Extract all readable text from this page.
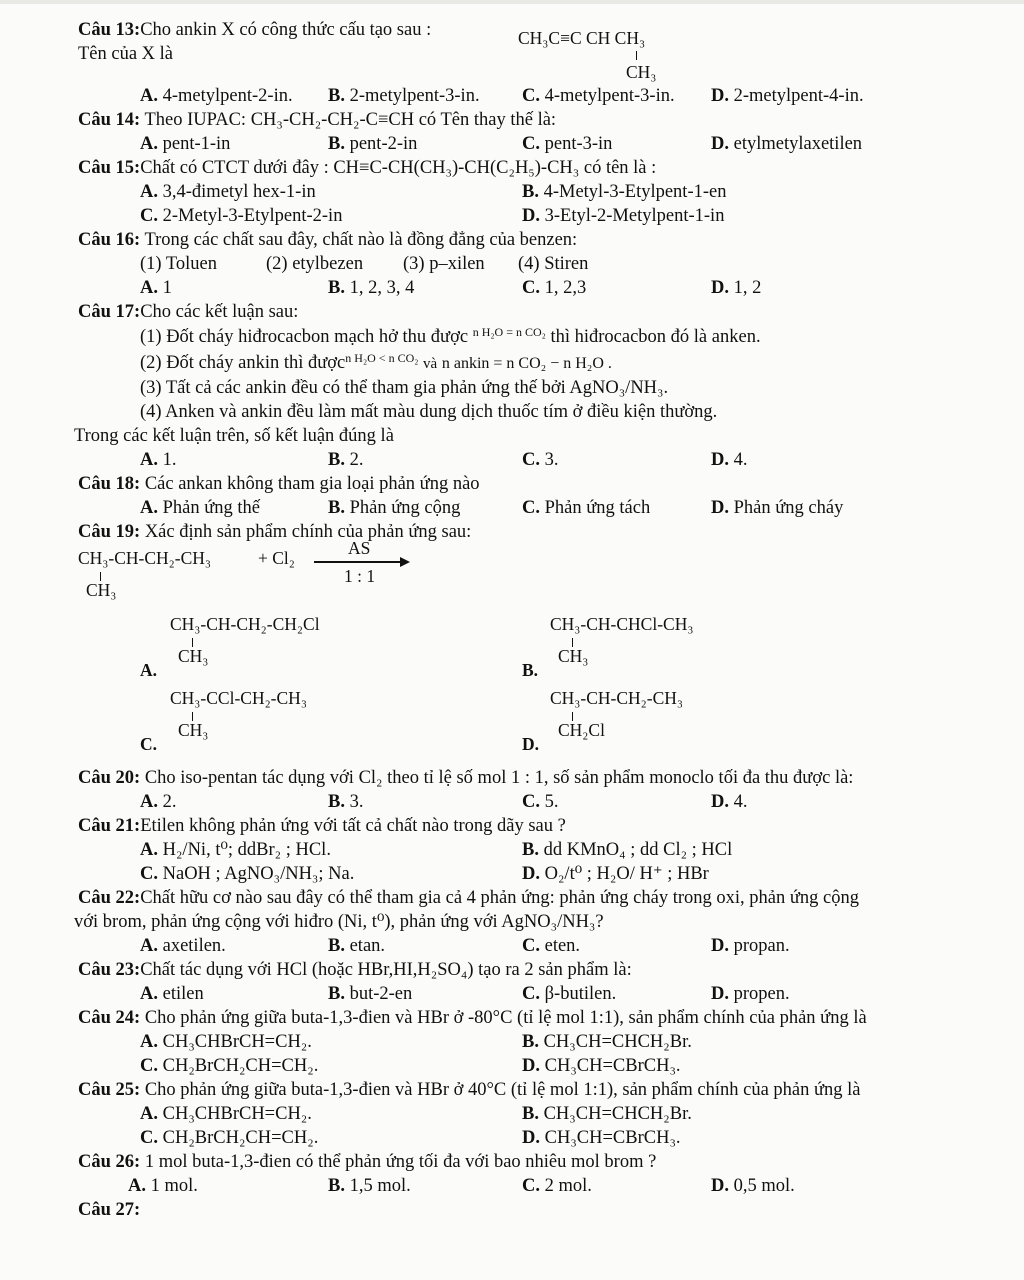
Câu 13:Cho ankin X có công thức cấu tạo sau :
Tên của X là
CH₃C≡C CH CH₃
CH₃
A. 4-metylpent-2-in. B. 2-metylpent-3-in. C. 4-metylpent-3-in. D. 2-metylpent-4-in.
Câu 14: Theo IUPAC: CH₃-CH₂-CH₂-C≡CH có Tên thay thế là:
A. pent-1-in	B. pent-2-in	C. pent-3-in	D. etylmetylaxetilen
Câu 15:Chất có CTCT dưới đây : CH≡C-CH(CH₃)-CH(C₂H₅)-CH₃ có tên là :
A. 3,4-đimetyl hex-1-in	B. 4-Metyl-3-Etylpent-1-en
C. 2-Metyl-3-Etylpent-2-in	D. 3-Etyl-2-Metylpent-1-in
Câu 16: Trong các chất sau đây, chất nào là đồng đẳng của benzen:
(1) Toluen	(2) etylbezen (3) p–xilen (4) Stiren
A. 1	B. 1, 2, 3, 4	C. 1, 2,3	D. 1, 2
Câu 17:Cho các kết luận sau:
(1) Đốt cháy hiđrocacbon mạch hở thu được $^{n H_2O = n CO_2}$ thì hiđrocacbon đó là anken.
(2) Đốt cháy ankin thì được$^{n H_2O < n CO_2}$ và n ankin = n CO₂ − n H₂O .
(3) Tất cả các ankin đều có thể tham gia phản ứng thế bởi AgNO₃/NH₃.
(4) Anken và ankin đều làm mất màu dung dịch thuốc tím ở điều kiện thường.
Trong các kết luận trên, số kết luận đúng là
A. 1.	B. 2.	C. 3.	D. 4.
Câu 18: Các ankan không tham gia loại phản ứng nào
A. Phản ứng thế	B. Phản ứng cộng	C. Phản ứng tách	D. Phản ứng cháy
Câu 19: Xác định sản phẩm chính của phản ứng sau:
CH₃-CH-CH₂-CH₃
CH₃
+ Cl₂	AS
1 : 1
A.
CH₃-CH-CH₂-CH₂Cl
CH₃
B.
CH₃-CH-CHCl-CH₃
CH₃
C.
CH₃-CCl-CH₂-CH₃
CH₃
D.
CH₃-CH-CH₂-CH₃
CH₂Cl
Câu 20: Cho iso-pentan tác dụng với Cl₂ theo tỉ lệ số mol 1 : 1, số sản phẩm monoclo tối đa thu được là:
A. 2.	B. 3.	C. 5.	D. 4.
Câu 21:Etilen không phản ứng với tất cả chất nào trong dãy sau ?
A. H₂/Ni, t⁰; ddBr₂ ; HCl.	B. dd KMnO₄ ; dd Cl₂ ; HCl
C. NaOH ; AgNO₃/NH₃; Na.	D. O₂/t⁰ ; H₂O/ H⁺ ; HBr
Câu 22:Chất hữu cơ nào sau đây có thể tham gia cả 4 phản ứng: phản ứng cháy trong oxi, phản ứng cộng
với brom, phản ứng cộng với hiđro (Ni, t⁰), phản ứng với AgNO₃/NH₃?
A. axetilen.	B. etan.	C. eten.	D. propan.
Câu 23:Chất tác dụng với HCl (hoặc HBr,HI,H₂SO₄) tạo ra 2 sản phẩm là:
A. etilen	B. but-2-en	C. β-butilen.	D. propen.
Câu 24: Cho phản ứng giữa buta-1,3-đien và HBr ở -80°C (tỉ lệ mol 1:1), sản phẩm chính của phản ứng là
A. CH₃CHBrCH=CH₂.	B. CH₃CH=CHCH₂Br.
C. CH₂BrCH₂CH=CH₂.	D. CH₃CH=CBrCH₃.
Câu 25: Cho phản ứng giữa buta-1,3-đien và HBr ở 40°C (tỉ lệ mol 1:1), sản phẩm chính của phản ứng là
A. CH₃CHBrCH=CH₂.	B. CH₃CH=CHCH₂Br.
C. CH₂BrCH₂CH=CH₂.	D. CH₃CH=CBrCH₃.
Câu 26: 1 mol buta-1,3-đien có thể phản ứng tối đa với bao nhiêu mol brom ?
A. 1 mol.	B. 1,5 mol.	C. 2 mol.	D. 0,5 mol.
Câu 27:
